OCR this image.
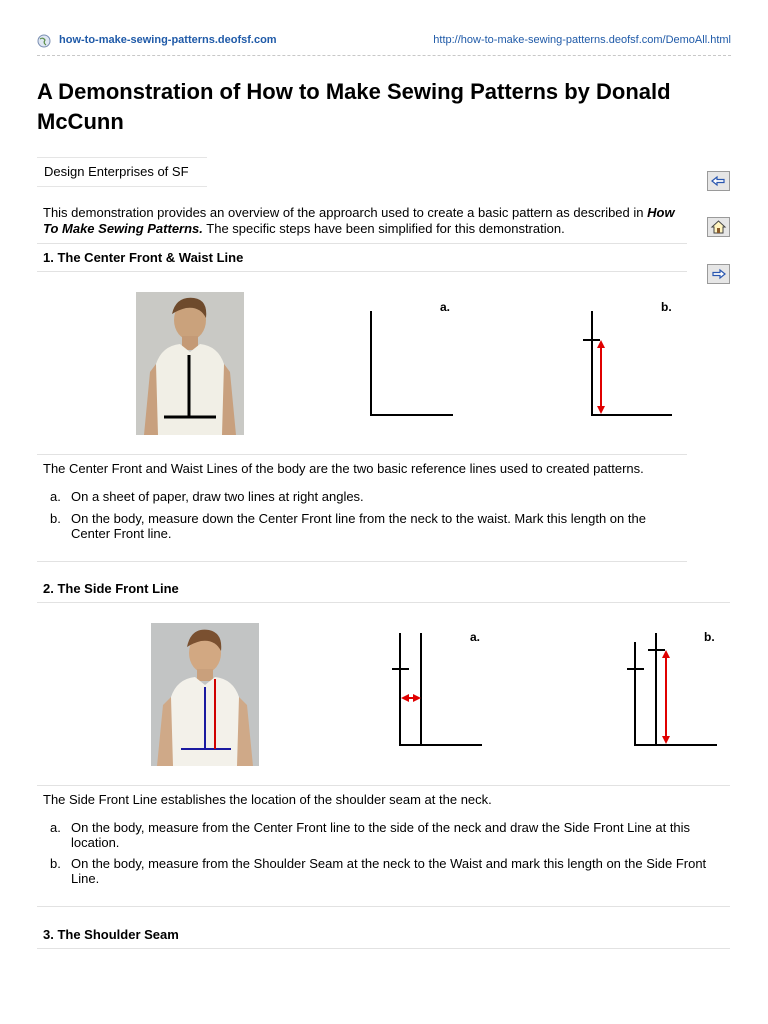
how-to-make-sewing-patterns.deofsf.com	http://how-to-make-sewing-patterns.deofsf.com/DemoAll.html
A Demonstration of How to Make Sewing Patterns by Donald McCunn
Design Enterprises of SF
This demonstration provides an overview of the approarch used to create a basic pattern as described in How To Make Sewing Patterns. The specific steps have been simplified for this demonstration.
1. The Center Front & Waist Line
a.	b.
The Center Front and Waist Lines of the body are the two basic reference lines used to created patterns.
a. On a sheet of paper, draw two lines at right angles.
b. On the body, measure down the Center Front line from the neck to the waist. Mark this length on the Center Front line.
2. The Side Front Line
a.	b.
The Side Front Line establishes the location of the shoulder seam at the neck.
a. On the body, measure from the Center Front line to the side of the neck and draw the Side Front Line at this location.
b. On the body, measure from the Shoulder Seam at the neck to the Waist and mark this length on the Side Front Line.
3. The Shoulder Seam
